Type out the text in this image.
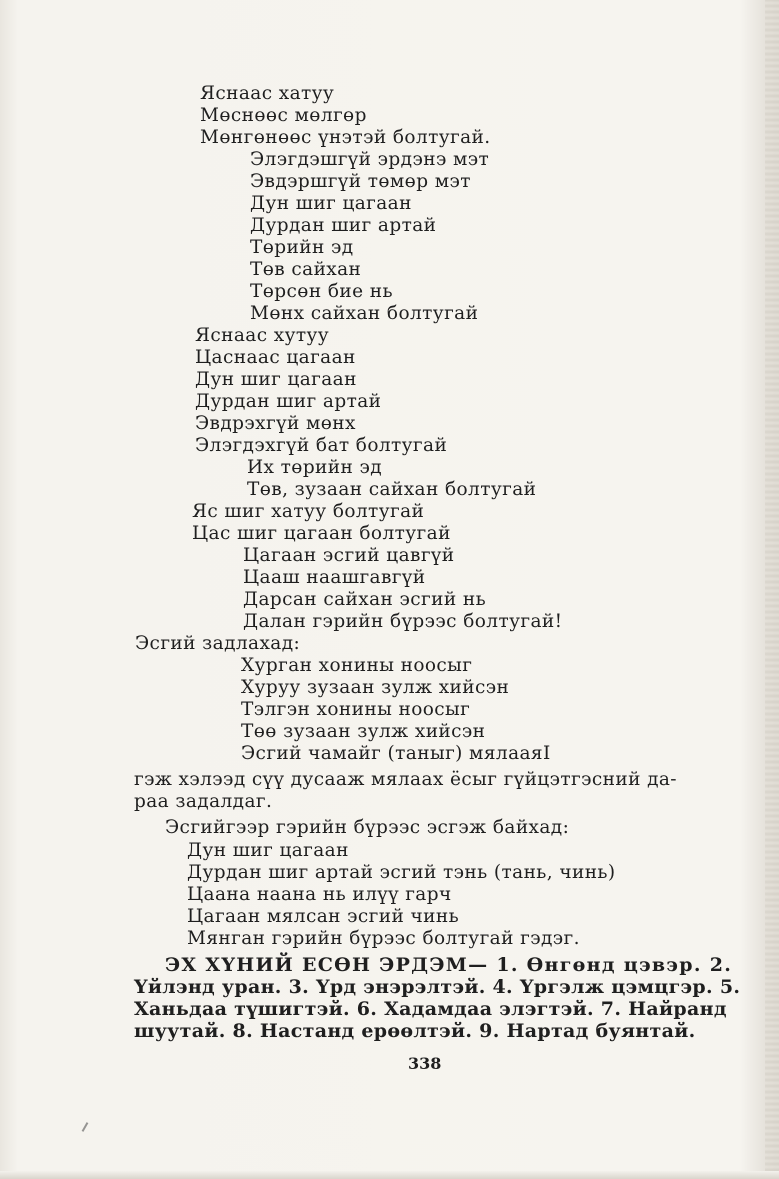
Яснаас хатуу
Мөснөөс мөлгөр
Мөнгөнөөс үнэтэй болтугай.
Элэгдэшгүй эрдэнэ мэт
Эвдэршгүй төмөр мэт
Дун шиг цагаан
Дурдан шиг артай
Төрийн эд
Төв сайхан
Төрсөн бие нь
Мөнх сайхан болтугай
Яснаас хутуу
Цаснаас цагаан
Дун шиг цагаан
Дурдан шиг артай
Эвдрэхгүй мөнх
Элэгдэхгүй бат болтугай
Их төрийн эд
Төв, зузаан сайхан болтугай
Яс шиг хатуу болтугай
Цас шиг цагаан болтугай
Цагаан эсгий цавгүй
Цааш наашгавгүй
Дарсан сайхан эсгий нь
Далан гэрийн бүрээс болтугай!
Эсгий задлахад:
Хурган хонины ноосыг
Хуруу зузаан зулж хийсэн
Тэлгэн хонины ноосыг
Төө зузаан зулж хийсэн
Эсгий чамайг (таныг) мялааяI
гэж хэлээд сүү дусааж мялаах ёсыг гүйцэтгэсний да-
раа задалдаг.
Эсгийгээр гэрийн бүрээс эсгэж байхад:
Дун шиг цагаан
Дурдан шиг артай эсгий тэнь (тань, чинь)
Цаана наана нь илүү гарч
Цагаан мялсан эсгий чинь
Мянган гэрийн бүрээс болтугай гэдэг.
ЭХ ХҮНИЙ ЕСӨН ЭРДЭМ— 1. Өнгөнд цэвэр. 2.
Үйлэнд уран. 3. Үрд энэрэлтэй. 4. Үргэлж цэмцгэр. 5.
Ханьдаа түшигтэй. 6. Хадамдаа элэгтэй. 7. Найранд
шуутай. 8. Настанд ерөөлтэй. 9. Нартад буянтай.
338
